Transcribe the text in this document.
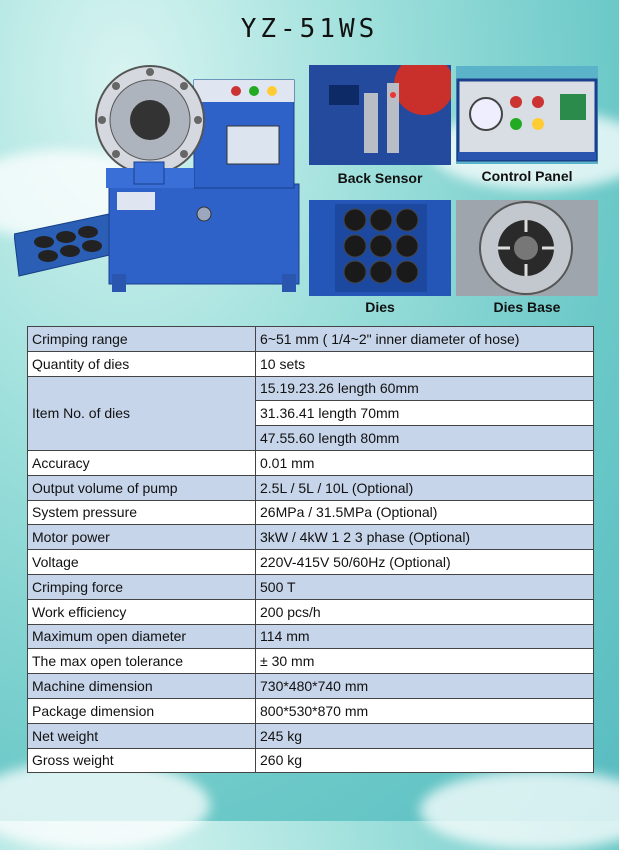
YZ-51WS
Back Sensor	Control Panel
Dies	Dies Base
Crimping range	6~51 mm ( 1/4~2" inner diameter of hose)
Quantity of dies	10 sets
Item No. of dies	15.19.23.26 length 60mm
	31.36.41 length 70mm
	47.55.60 length 80mm
Accuracy	0.01 mm
Output volume of pump	2.5L / 5L / 10L (Optional)
System pressure	26MPa / 31.5MPa (Optional)
Motor power	3kW / 4kW 1 2 3 phase (Optional)
Voltage	220V-415V 50/60Hz (Optional)
Crimping force	500 T
Work efficiency	200 pcs/h
Maximum open diameter	114 mm
The max open tolerance	± 30 mm
Machine dimension	730*480*740 mm
Package dimension	800*530*870 mm
Net weight	245 kg
Gross weight	260 kg
